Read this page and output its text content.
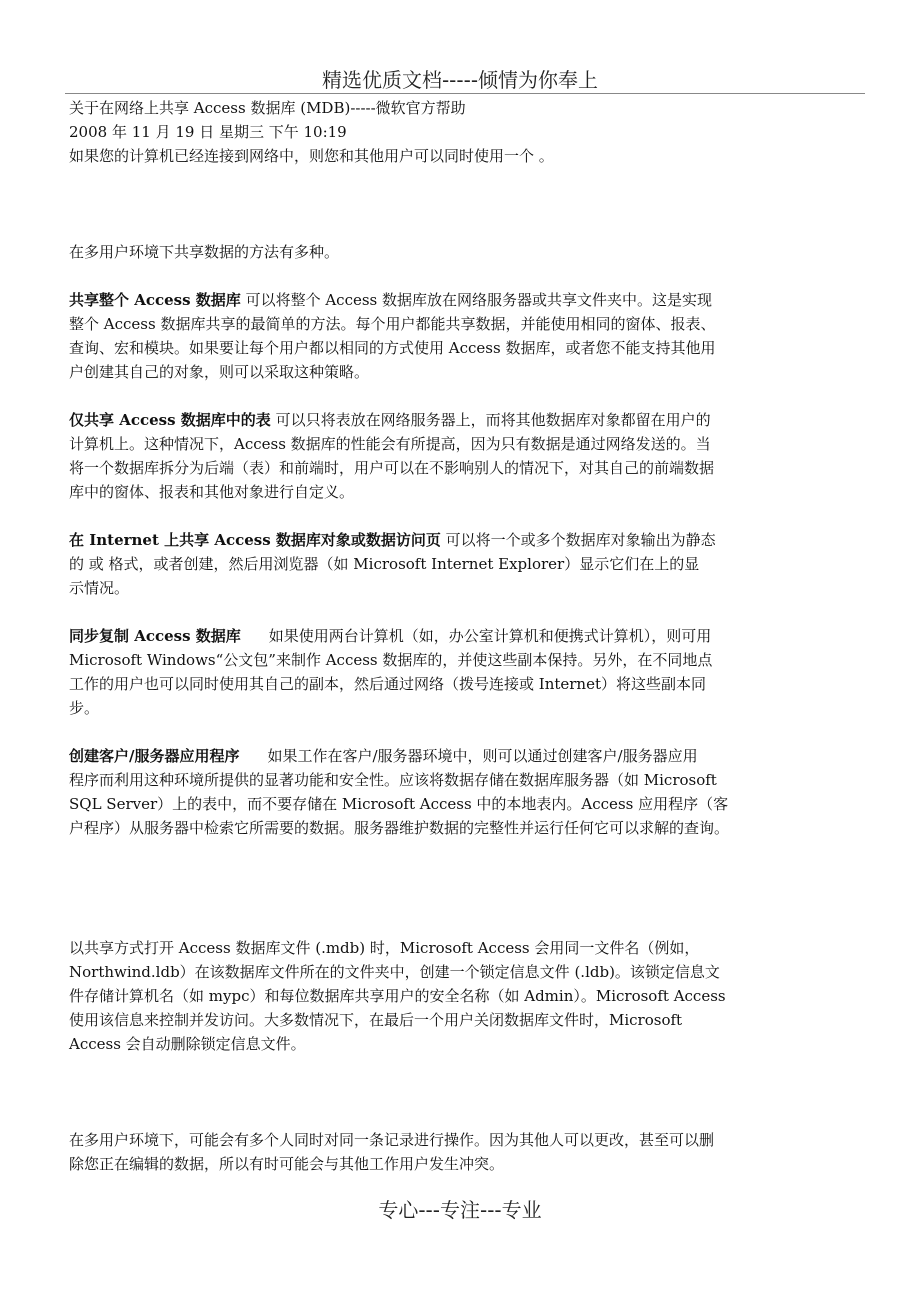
精选优质文档-----倾情为你奉上
关于在网络上共享 Access 数据库 (MDB)-----微软官方帮助
2008 年 11 月 19 日 星期三 下午 10:19
如果您的计算机已经连接到网络中，则您和其他用户可以同时使用一个 。
在多用户环境下共享数据的方法有多种。
共享整个 Access 数据库 可以将整个 Access 数据库放在网络服务器或共享文件夹中。这是实现
整个 Access 数据库共享的最简单的方法。每个用户都能共享数据，并能使用相同的窗体、报表、
查询、宏和模块。如果要让每个用户都以相同的方式使用 Access 数据库，或者您不能支持其他用
户创建其自己的对象，则可以采取这种策略。
仅共享 Access 数据库中的表 可以只将表放在网络服务器上，而将其他数据库对象都留在用户的
计算机上。这种情况下，Access 数据库的性能会有所提高，因为只有数据是通过网络发送的。当
将一个数据库拆分为后端（表）和前端时，用户可以在不影响别人的情况下，对其自己的前端数据
库中的窗体、报表和其他对象进行自定义。
在 Internet 上共享 Access 数据库对象或数据访问页 可以将一个或多个数据库对象输出为静态
的 或 格式，或者创建，然后用浏览器（如 Microsoft Internet Explorer）显示它们在上的显
示情况。
同步复制 Access 数据库 如果使用两台计算机（如，办公室计算机和便携式计算机），则可用
Microsoft Windows“公文包”来制作 Access 数据库的，并使这些副本保持。另外，在不同地点
工作的用户也可以同时使用其自己的副本，然后通过网络（拨号连接或 Internet）将这些副本同
步。
创建客户/服务器应用程序 如果工作在客户/服务器环境中，则可以通过创建客户/服务器应用
程序而利用这种环境所提供的显著功能和安全性。应该将数据存储在数据库服务器（如 Microsoft
SQL Server）上的表中，而不要存储在 Microsoft Access 中的本地表内。Access 应用程序（客
户程序）从服务器中检索它所需要的数据。服务器维护数据的完整性并运行任何它可以求解的查询。
以共享方式打开 Access 数据库文件 (.mdb) 时，Microsoft Access 会用同一文件名（例如，
Northwind.ldb）在该数据库文件所在的文件夹中，创建一个锁定信息文件 (.ldb)。该锁定信息文
件存储计算机名（如 mypc）和每位数据库共享用户的安全名称（如 Admin）。Microsoft Access
使用该信息来控制并发访问。大多数情况下，在最后一个用户关闭数据库文件时，Microsoft
Access 会自动删除锁定信息文件。
在多用户环境下，可能会有多个人同时对同一条记录进行操作。因为其他人可以更改，甚至可以删
除您正在编辑的数据，所以有时可能会与其他工作用户发生冲突。
专心---专注---专业
